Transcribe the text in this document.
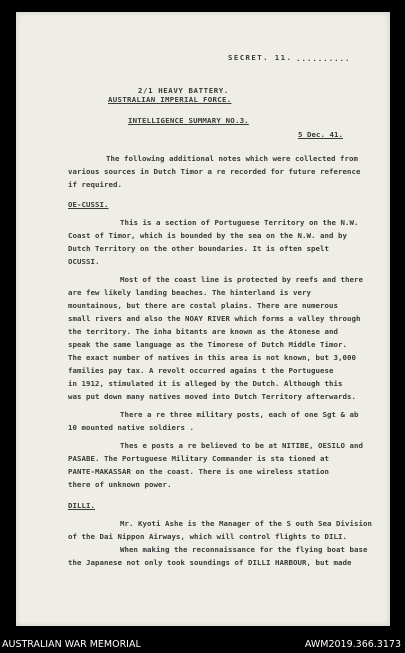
SECRET. 11. ..........
2/1 HEAVY BATTERY.
AUSTRALIAN IMPERIAL FORCE.
INTELLIGENCE SUMMARY NO.3.
5 Dec. 41.
The following additional notes which were collected from
various sources in Dutch Timor a re recorded for future reference
if required.
OE-CUSSI.
This is a section of Portuguese Territory on the N.W.
Coast of Timor, which is bounded by the sea on the N.W. and by
Dutch Territory on the other boundaries. It is often spelt
OCUSSI.
Most of the coast line is protected by reefs and there
are few likely landing beaches. The hinterland is very
mountainous, but there are costal plains. There are numerous
small rivers and also the NOAY RIVER which forms a valley through
the territory. The inha bitants are known as the Atonese and
speak the same language as the Timorese of Dutch Middle Timor.
The exact number of natives in this area is not known, but 3,000
families pay tax. A revolt occurred agains t the Portuguese
in 1912, stimulated it is alleged by the Dutch. Although this
was put down many natives moved into Dutch Territory afterwards.
There a re three military posts, each of one Sgt & ab
10 mounted native soldiers .
Thes e posts a re believed to be at NITIBE, OESILO and
PASABE. The Portuguese Military Commander is sta tioned at
PANTE-MAKASSAR on the coast. There is one wireless station
there of unknown power.
DILLI.
Mr. Kyoti Ashe is the Manager of the S outh Sea Division
of the Dai Nippon Airways, which will control flights to DILI.
When making the reconnaissance for the flying boat base
the Japanese not only took soundings of DILLI HARBOUR, but made
AUSTRALIAN WAR MEMORIAL	AWM2019.366.3173
